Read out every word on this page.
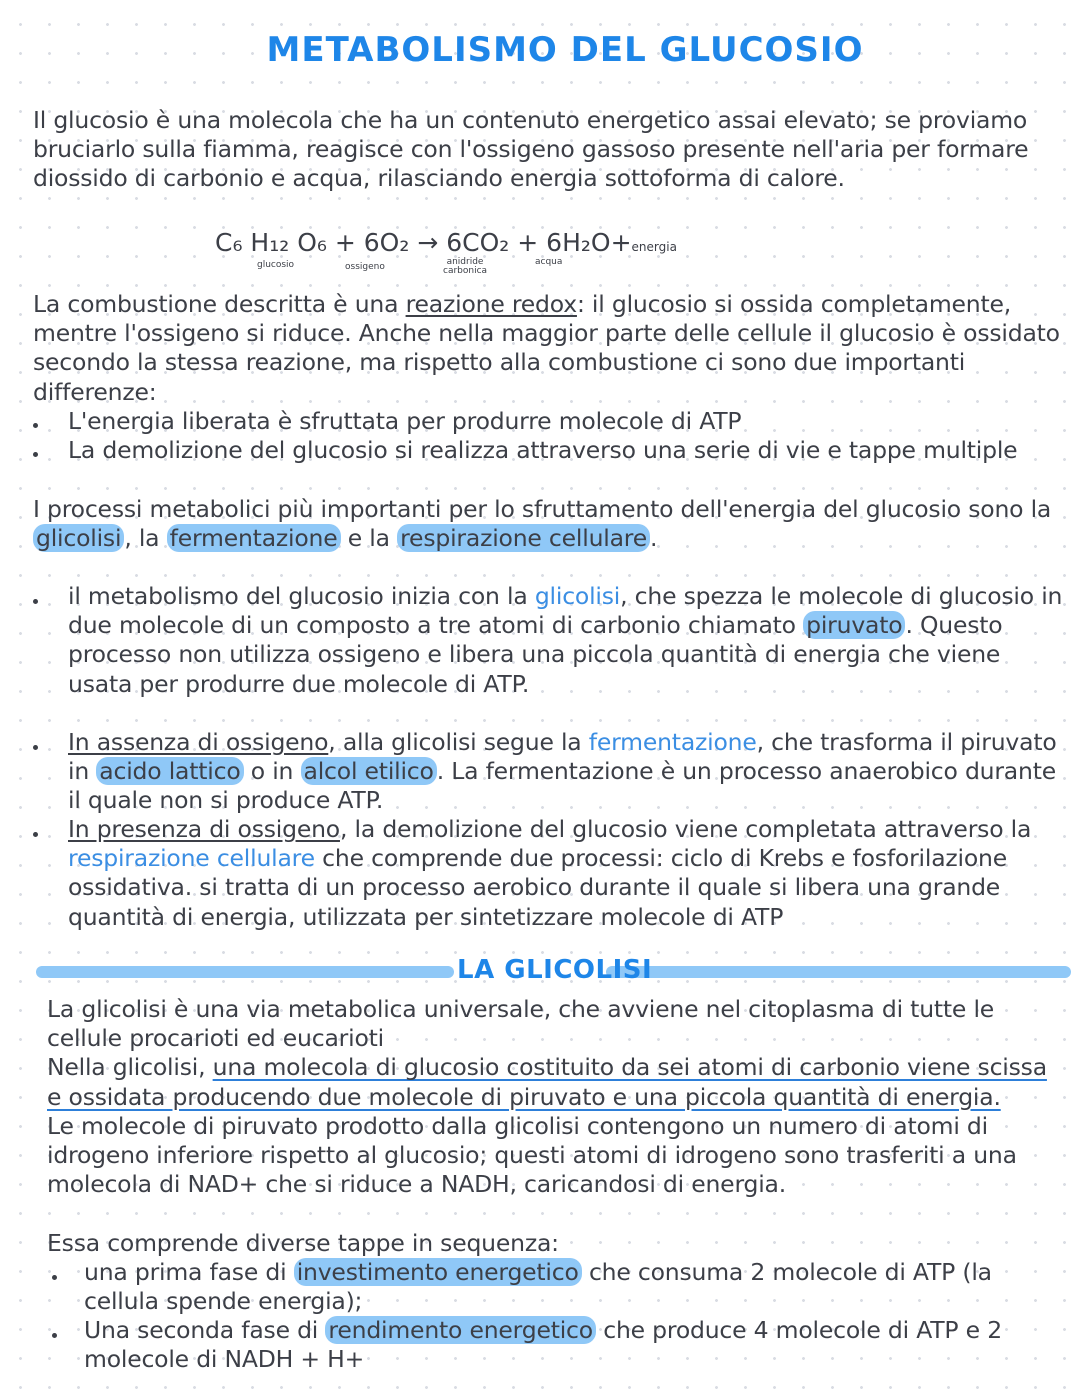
METABOLISMO DEL GLUCOSIO

Il glucosio è una molecola che ha un contenuto energetico assai elevato; se proviamo
bruciarlo sulla fiamma, reagisce con l'ossigeno gassoso presente nell'aria per formare
diossido di carbonio e acqua, rilasciando energia sottoforma di calore.

C₆ H₁₂ O₆ + 6O₂ → 6CO₂ + 6H₂O+energia
glucosio	ossigeno	anidride
carbonica
acqua

La combustione descritta è una reazione redox: il glucosio si ossida completamente,
mentre l'ossigeno si riduce. Anche nella maggior parte delle cellule il glucosio è ossidato
secondo la stessa reazione, ma rispetto alla combustione ci sono due importanti
differenze:

L'energia liberata è sfruttata per produrre molecole di ATP

La demolizione del glucosio si realizza attraverso una serie di vie e tappe multiple

I processi metabolici più importanti per lo sfruttamento dell'energia del glucosio sono la
glicolisi , la fermentazione e la respirazione cellulare .

il metabolismo del glucosio inizia con la glicolisi, che spezza le molecole di glucosio in
due molecole di un composto a tre atomi di carbonio chiamato piruvato . Questo
processo non utilizza ossigeno e libera una piccola quantità di energia che viene
usata per produrre due molecole di ATP.

In assenza di ossigeno, alla glicolisi segue la fermentazione, che trasforma il piruvato
in acido lattico o in alcol etilico . La fermentazione è un processo anaerobico durante
il quale non si produce ATP.

In presenza di ossigeno, la demolizione del glucosio viene completata attraverso la
respirazione cellulare che comprende due processi: ciclo di Krebs e fosforilazione
ossidativa. si tratta di un processo aerobico durante il quale si libera una grande
quantità di energia, utilizzata per sintetizzare molecole di ATP

LA GLICOLISI

La glicolisi è una via metabolica universale, che avviene nel citoplasma di tutte le
cellule procarioti ed eucarioti
Nella glicolisi, una molecola di glucosio costituito da sei atomi di carbonio viene scissa
e ossidata producendo due molecole di piruvato e una piccola quantità di energia.
Le molecole di piruvato prodotto dalla glicolisi contengono un numero di atomi di
idrogeno inferiore rispetto al glucosio; questi atomi di idrogeno sono trasferiti a una
molecola di NAD+ che si riduce a NADH, caricandosi di energia.

Essa comprende diverse tappe in sequenza:

una prima fase di investimento energetico che consuma 2 molecole di ATP (la
cellula spende energia);

Una seconda fase di rendimento energetico che produce 4 molecole di ATP e 2
molecole di NADH + H+
